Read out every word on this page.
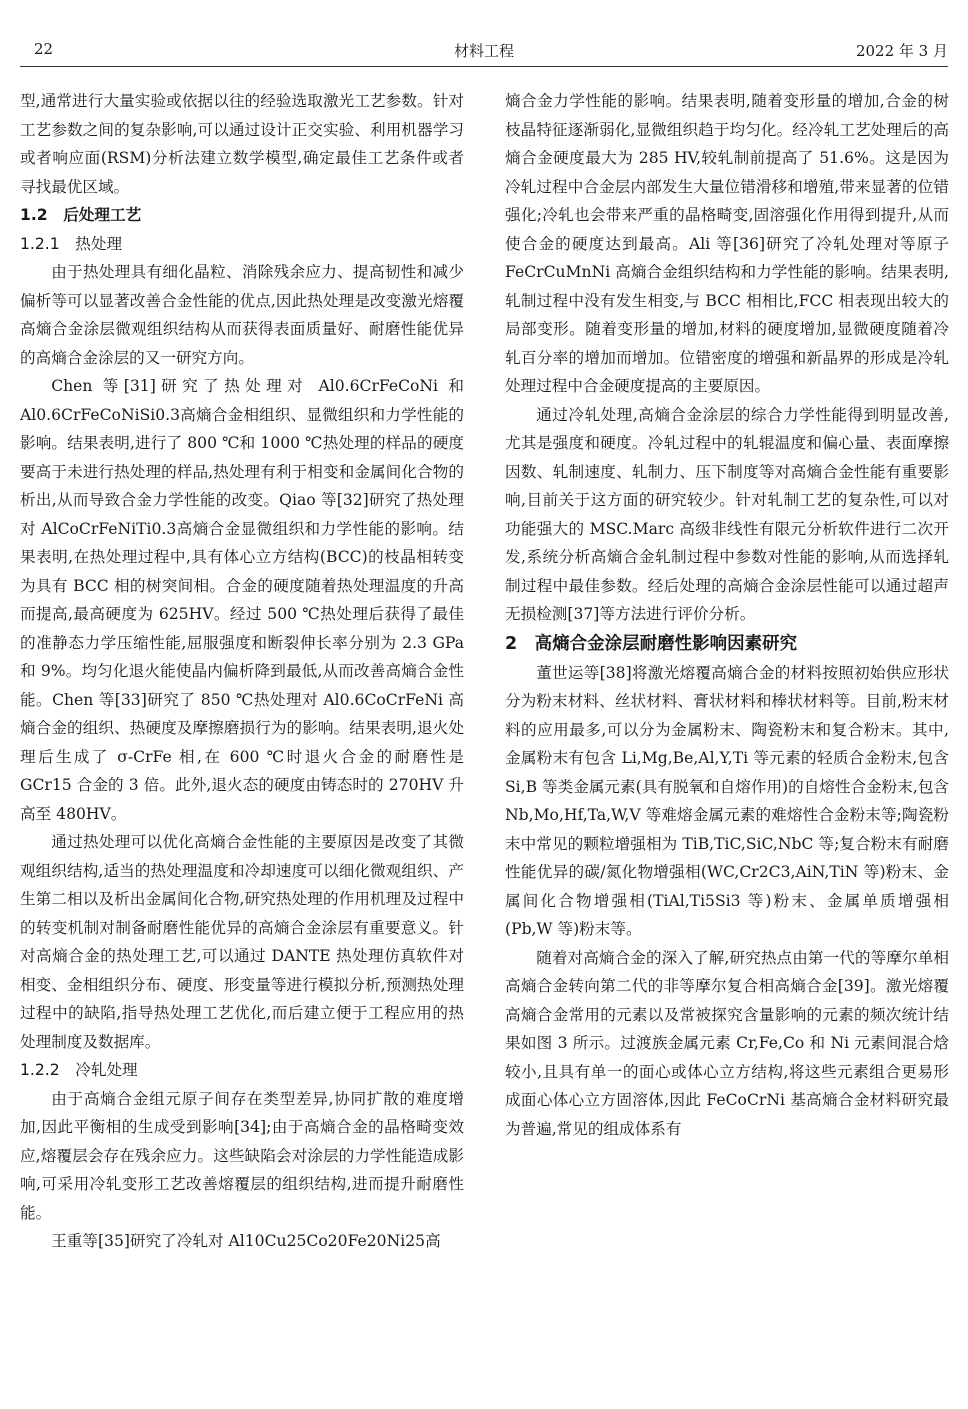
22	材料工程	2022 年 3 月

型,通常进行大量实验或依据以往的经验选取激光工艺参数。针对工艺参数之间的复杂影响,可以通过设计正交实验、利用机器学习或者响应面(RSM)分析法建立数学模型,确定最佳工艺条件或者寻找最优区域。

1.2　后处理工艺

1.2.1　热处理

由于热处理具有细化晶粒、消除残余应力、提高韧性和减少偏析等可以显著改善合金性能的优点,因此热处理是改变激光熔覆高熵合金涂层微观组织结构从而获得表面质量好、耐磨性能优异的高熵合金涂层的又一研究方向。

Chen 等[31]研究了热处理对 Al0.6CrFeCoNi 和 Al0.6CrFeCoNiSi0.3高熵合金相组织、显微组织和力学性能的影响。结果表明,进行了 800 ℃和 1000 ℃热处理的样品的硬度要高于未进行热处理的样品,热处理有利于相变和金属间化合物的析出,从而导致合金力学性能的改变。Qiao 等[32]研究了热处理对 AlCoCrFeNiTi0.3高熵合金显微组织和力学性能的影响。结果表明,在热处理过程中,具有体心立方结构(BCC)的枝晶相转变为具有 BCC 相的树突间相。合金的硬度随着热处理温度的升高而提高,最高硬度为 625HV。经过 500 ℃热处理后获得了最佳的准静态力学压缩性能,屈服强度和断裂伸长率分别为 2.3 GPa 和 9%。均匀化退火能使晶内偏析降到最低,从而改善高熵合金性能。Chen 等[33]研究了 850 ℃热处理对 Al0.6CoCrFeNi 高熵合金的组织、热硬度及摩擦磨损行为的影响。结果表明,退火处理后生成了 σ-CrFe 相,在 600 ℃时退火合金的耐磨性是 GCr15 合金的 3 倍。此外,退火态的硬度由铸态时的 270HV 升高至 480HV。

通过热处理可以优化高熵合金性能的主要原因是改变了其微观组织结构,适当的热处理温度和冷却速度可以细化微观组织、产生第二相以及析出金属间化合物,研究热处理的作用机理及过程中的转变机制对制备耐磨性能优异的高熵合金涂层有重要意义。针对高熵合金的热处理工艺,可以通过 DANTE 热处理仿真软件对相变、金相组织分布、硬度、形变量等进行模拟分析,预测热处理过程中的缺陷,指导热处理工艺优化,而后建立便于工程应用的热处理制度及数据库。

1.2.2　冷轧处理

由于高熵合金组元原子间存在类型差异,协同扩散的难度增加,因此平衡相的生成受到影响[34];由于高熵合金的晶格畸变效应,熔覆层会存在残余应力。这些缺陷会对涂层的力学性能造成影响,可采用冷轧变形工艺改善熔覆层的组织结构,进而提升耐磨性能。

王重等[35]研究了冷轧对 Al10Cu25Co20Fe20Ni25高

熵合金力学性能的影响。结果表明,随着变形量的增加,合金的树枝晶特征逐渐弱化,显微组织趋于均匀化。经冷轧工艺处理后的高熵合金硬度最大为 285 HV,较轧制前提高了 51.6%。这是因为冷轧过程中合金层内部发生大量位错滑移和增殖,带来显著的位错强化;冷轧也会带来严重的晶格畸变,固溶强化作用得到提升,从而使合金的硬度达到最高。Ali 等[36]研究了冷轧处理对等原子 FeCrCuMnNi 高熵合金组织结构和力学性能的影响。结果表明,轧制过程中没有发生相变,与 BCC 相相比,FCC 相表现出较大的局部变形。随着变形量的增加,材料的硬度增加,显微硬度随着冷轧百分率的增加而增加。位错密度的增强和新晶界的形成是冷轧处理过程中合金硬度提高的主要原因。

通过冷轧处理,高熵合金涂层的综合力学性能得到明显改善,尤其是强度和硬度。冷轧过程中的轧辊温度和偏心量、表面摩擦因数、轧制速度、轧制力、压下制度等对高熵合金性能有重要影响,目前关于这方面的研究较少。针对轧制工艺的复杂性,可以对功能强大的 MSC.Marc 高级非线性有限元分析软件进行二次开发,系统分析高熵合金轧制过程中参数对性能的影响,从而选择轧制过程中最佳参数。经后处理的高熵合金涂层性能可以通过超声无损检测[37]等方法进行评价分析。

2　高熵合金涂层耐磨性影响因素研究

董世运等[38]将激光熔覆高熵合金的材料按照初始供应形状分为粉末材料、丝状材料、膏状材料和棒状材料等。目前,粉末材料的应用最多,可以分为金属粉末、陶瓷粉末和复合粉末。其中,金属粉末有包含 Li,Mg,Be,Al,Y,Ti 等元素的轻质合金粉末,包含 Si,B 等类金属元素(具有脱氧和自熔作用)的自熔性合金粉末,包含 Nb,Mo,Hf,Ta,W,V 等难熔金属元素的难熔性合金粉末等;陶瓷粉末中常见的颗粒增强相为 TiB,TiC,SiC,NbC 等;复合粉末有耐磨性能优异的碳/氮化物增强相(WC,Cr2C3,AiN,TiN 等)粉末、金属间化合物增强相(TiAl,Ti5Si3 等)粉末、金属单质增强相(Pb,W 等)粉末等。

随着对高熵合金的深入了解,研究热点由第一代的等摩尔单相高熵合金转向第二代的非等摩尔复合相高熵合金[39]。激光熔覆高熵合金常用的元素以及常被探究含量影响的元素的频次统计结果如图 3 所示。过渡族金属元素 Cr,Fe,Co 和 Ni 元素间混合焓较小,且具有单一的面心或体心立方结构,将这些元素组合更易形成面心体心立方固溶体,因此 FeCoCrNi 基高熵合金材料研究最为普遍,常见的组成体系有
